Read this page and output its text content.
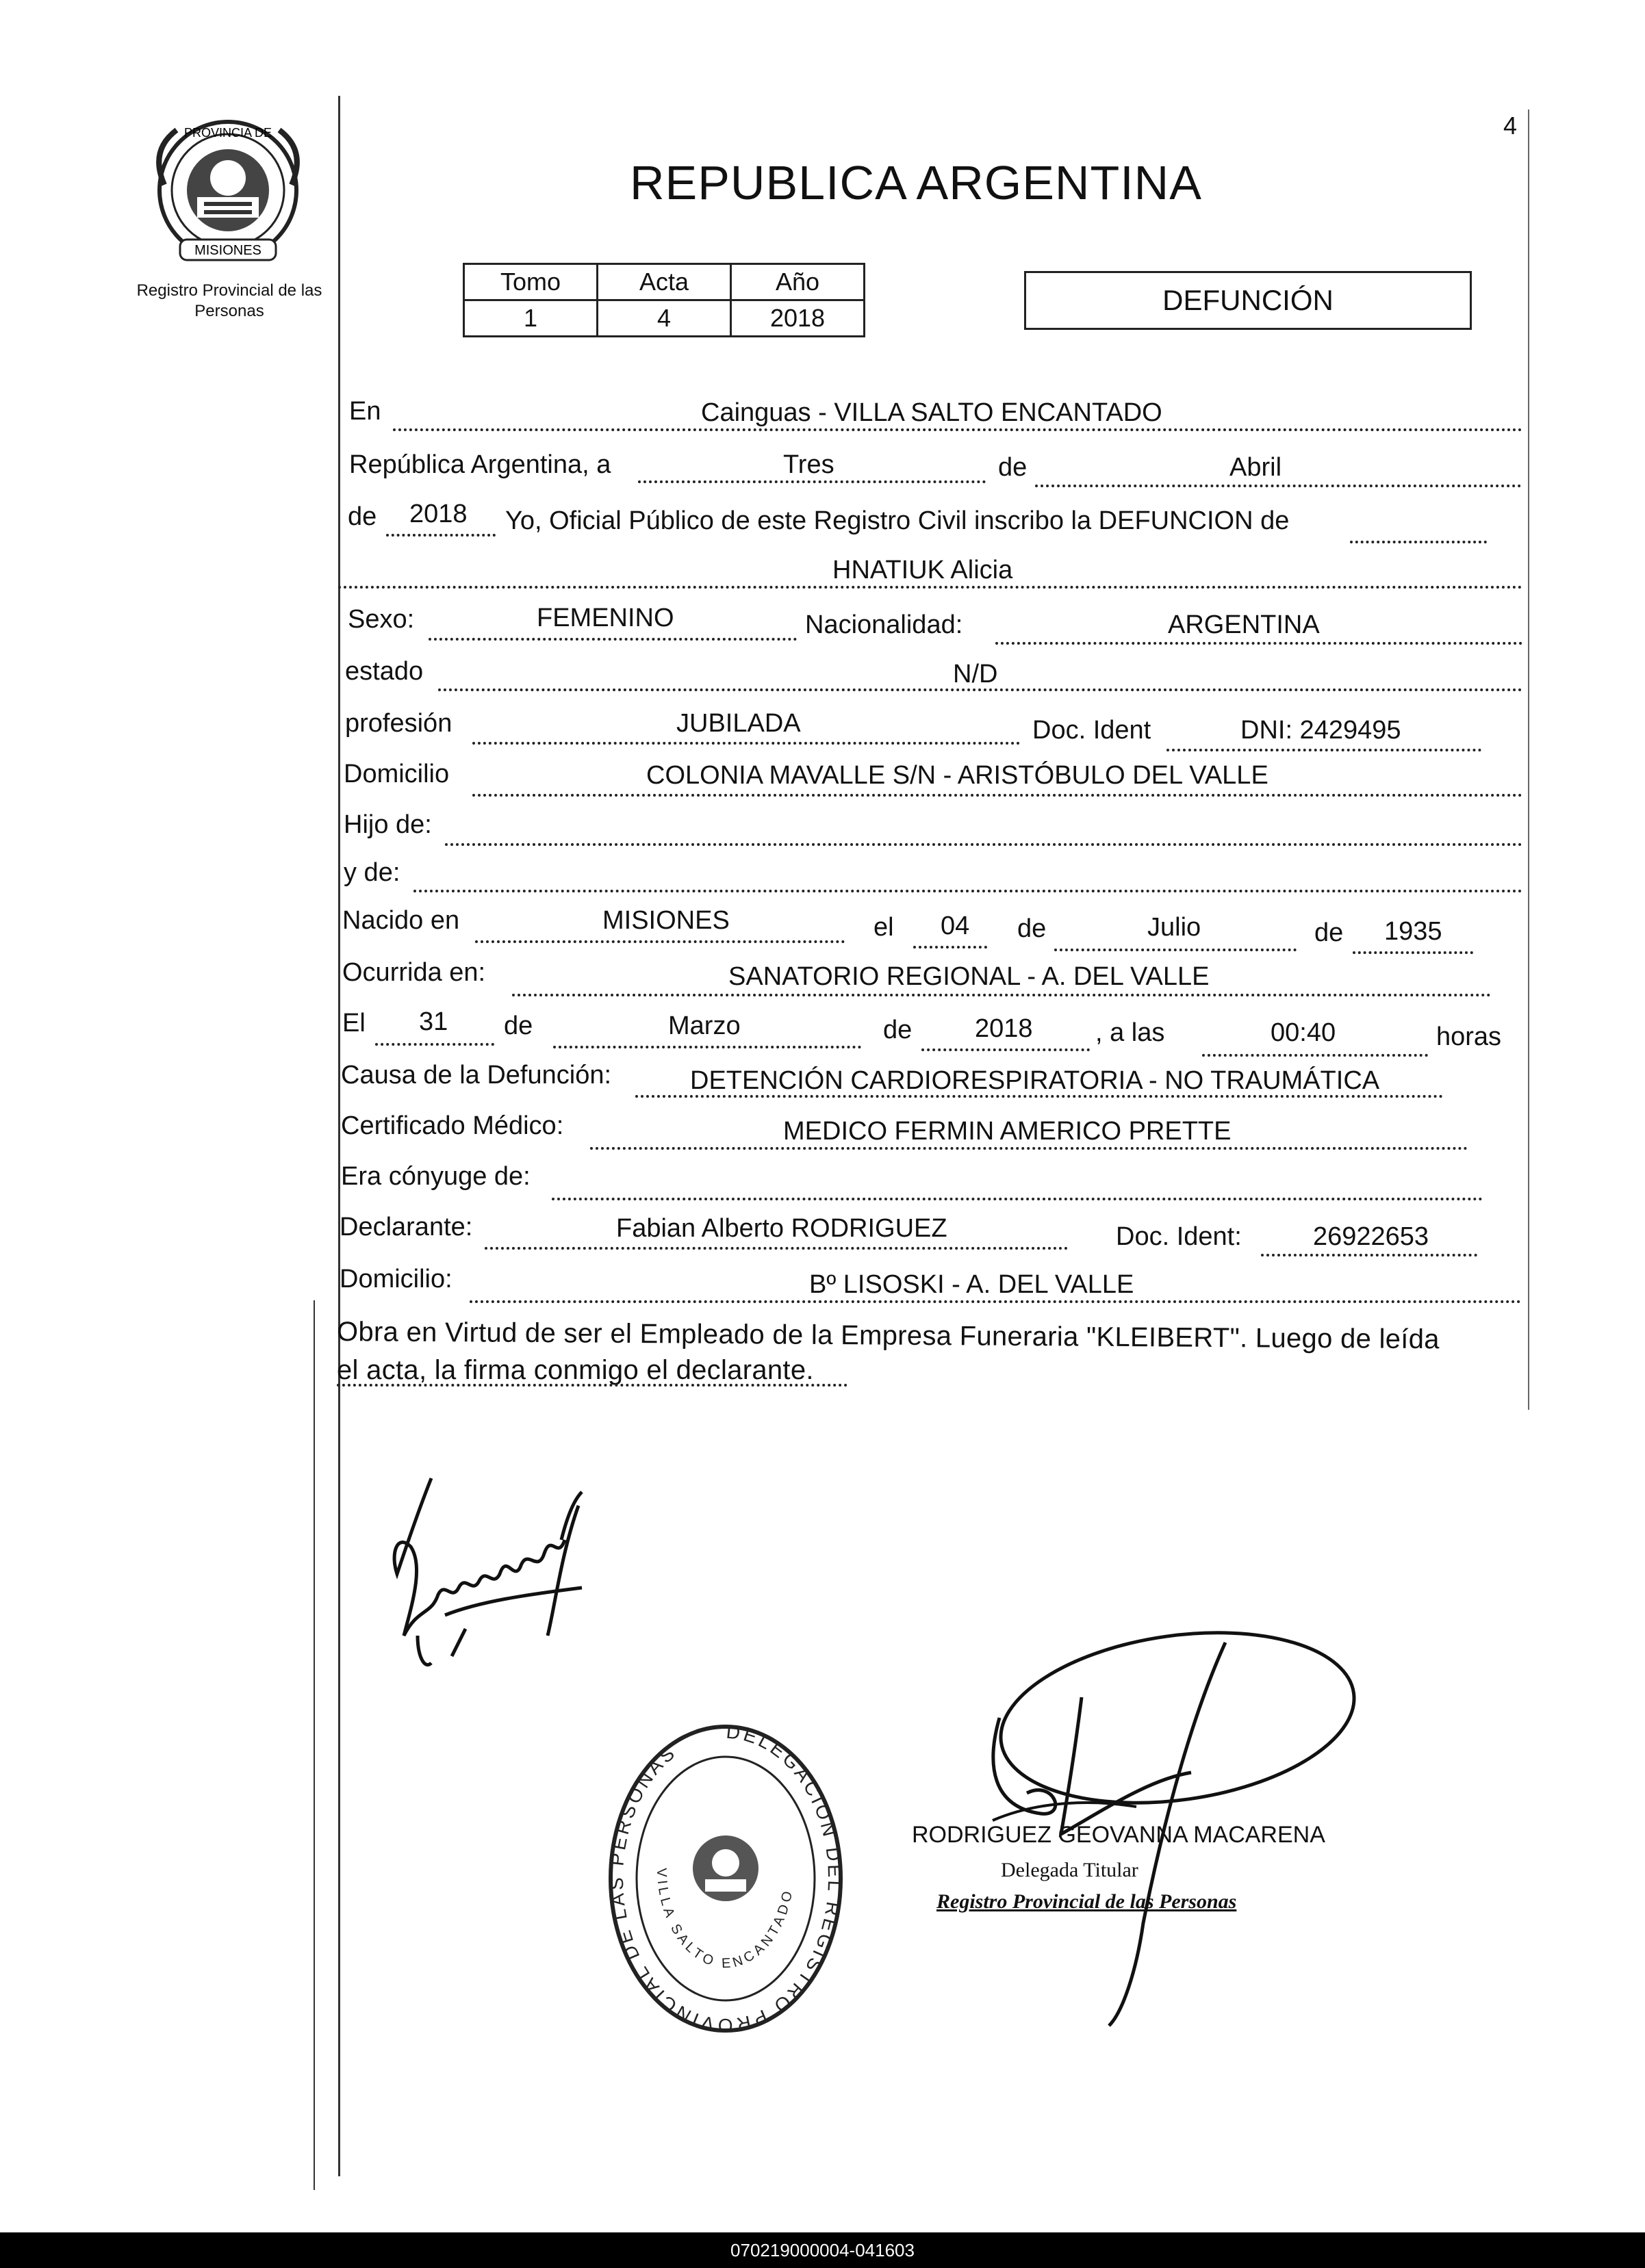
PROVINCIA DE
MISIONES
Registro Provincial de las Personas
4
REPUBLICA ARGENTINA
Tomo	Acta	Año
1	4	2018
DEFUNCIÓN
En	Cainguas - VILLA SALTO ENCANTADO
República Argentina, a	Tres	de	Abril
de 2018 Yo, Oficial Público de este Registro Civil inscribo la DEFUNCION de
HNATIUK Alicia
Sexo:	FEMENINO	Nacionalidad:	ARGENTINA
estado	N/D
profesión	JUBILADA	Doc. Ident	DNI: 2429495
Domicilio	COLONIA MAVALLE S/N - ARISTÓBULO DEL VALLE
Hijo de:
y de:
Nacido en	MISIONES	el 04 de	Julio	de 1935
Ocurrida en:	SANATORIO REGIONAL - A. DEL VALLE
El 31 de	Marzo	de 2018 , a las	00:40	horas
Causa de la Defunción:	DETENCIÓN CARDIORESPIRATORIA - NO TRAUMÁTICA
Certificado Médico:	MEDICO FERMIN AMERICO PRETTE
Era cónyuge de:
Declarante:	Fabian Alberto RODRIGUEZ	Doc. Ident:	26922653
Domicilio:	Bº LISOSKI - A. DEL VALLE
Obra en Virtud de ser el Empleado de la Empresa Funeraria "KLEIBERT". Luego de leída
el acta, la firma conmigo el declarante.
DELEGACION DEL REGISTRO PROVINCIAL DE LAS PERSONAS
VILLA SALTO ENCANTADO
RODRIGUEZ GEOVANNA MACARENA
Delegada Titular
Registro Provincial de las Personas
070219000004-041603
